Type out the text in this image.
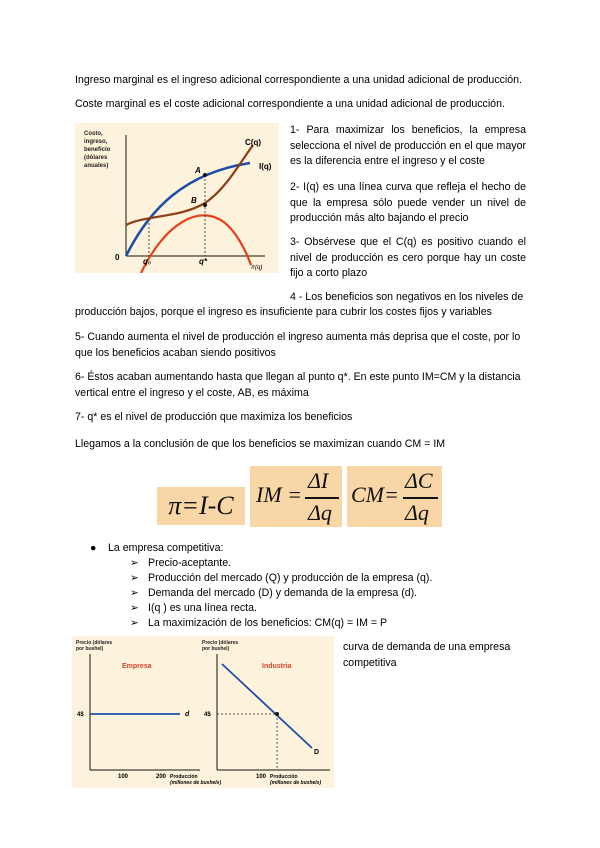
Ingreso marginal es el ingreso adicional correspondiente a una unidad adicional de producción.

Coste marginal es el coste adicional correspondiente a una unidad adicional de producción.

Costo,
ingreso,
beneficio
(dólares
anuales)	A
B
C(q)
I(q)
0	q₀	q*
π(q)

1- Para maximizar los beneficios, la empresa selecciona el nivel de producción en el que mayor es la diferencia entre el ingreso y el coste

2- I(q) es una línea curva que refleja el hecho de que la empresa sólo puede vender un nivel de producción más alto bajando el precio

3- Obsérvese que el C(q) es positivo cuando el nivel de producción es cero porque hay un coste fijo a corto plazo

4 - Los beneficios son negativos en los niveles de

producción bajos, porque el ingreso es insuficiente para cubrir los costes fijos y variables

5- Cuando aumenta el nivel de producción el ingreso aumenta más deprisa que el coste, por lo que los beneficios acaban siendo positivos

6- Éstos acaban aumentando hasta que llegan al punto q*. En este punto IM=CM y la distancia vertical entre el ingreso y el coste, AB, es máxima

7- q* es el nivel de producción que maximiza los beneficios

Llegamos a la conclusión de que los beneficios se maximizan cuando CM = IM

π=I-C	IM =
ΔI
Δq
CM=
ΔC
Δq
● La empresa competitiva:
➢ Precio-aceptante.
➢ Producción del mercado (Q) y producción de la empresa (q).
➢ Demanda del mercado (D) y demanda de la empresa (d).
➢ I(q ) es una línea recta.
➢ La maximización de los beneficios: CM(q) = IM = P
Precio (dólares
por bushel)
Empresa
4$	d
100	200 Producción
(millones de bushels)
Precio (dólares
por bushel)
Industria
4$
D
100 Producción
(millones de bushels)

curva de demanda de una empresa competitiva
